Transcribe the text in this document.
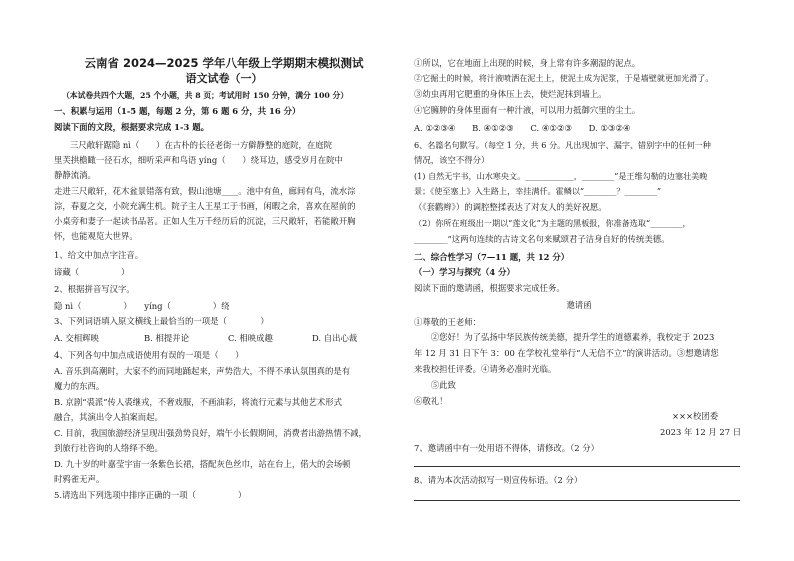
云南省 2024—2025 学年八年级上学期期末模拟测试
语文试卷（一）
（本试卷共四个大题，25 个小题，共 8 页；考试用时 150 分钟，满分 100 分）
一、积累与运用（1-5 题，每题 2 分，第 6 题 6 分，共 16 分）
阅读下面的文段，根据要求完成 1-3 题。
三尺敞轩踞隐 nì（　　）在古朴的长径老街一方僻静整的庭院，在庭院
里芙拱檐瞰一径石水，细听采声和鸟语 yíng（　　）绕耳边，感受岁月在院中
静静流淌。
走进三尺敞轩，花木盆景错落有致，假山池塘____。池中有鱼，廊间有鸟，流水淙
淙，春夏之交，小院充满生机。院子主人王星工于书画，闲暇之余，喜欢在屋前的
小桌旁和妻子一起读书品茗。正如人生万千经历后的沉淀，三尺敞轩，若能敞开胸
怀，也能观览大世界。
1、给文中加点字注音。
谛藏（　　　　　）
2、根据拼音写汉字。
隐 nì（　　　　　）　　yíng（　　　　　）绕
3、下列词语填入原文横线上最恰当的一项是（　　　　）
A. 交相辉映	B. 相提并论	C. 相映成趣	D. 自出心裁
4、下列各句中加点成语使用有误的一项是（　　）
A. 音乐到高潮时，大家不约而同地踊起来，声势浩大，不得不承认氛围真的是有
魔力的东西。
B. 京剧“裘派”传人裘继戎，不奢戏服，不画油彩，将流行元素与其他艺术形式
融合，其演出令人拍案而起。
C. 目前，我国旅游经济呈现出强劲势良好，端午小长假期间，消费者出游热情不减，
到旅行社咨询的人络绎不绝。
D. 九十岁的叶嘉莹宇宙一条紫色长裙，搭配灰色丝巾，站在台上，偌大的会场顿
时鸦雀无声。
5.请选出下列选项中排序正确的一项（　　　　　）
①所以，它在地面上出现的时候，身上常有许多潮湿的泥点。
②它掘土的时候，将汁液喷洒在泥土上，使泥土成为泥浆，于是墙壁就更加光滑了。
③幼虫再用它肥重的身体压上去，使烂泥抹到墙上。
④它臃肿的身体里面有一种汁液，可以用力抵御穴里的尘土。
A. ①②③④　　B. ④①②③　　C. ④①②③　　D. ①③②④
6、名篇名句默写。（每空 1 分，共 6 分。凡出现加字、漏字、错别字中的任何一种
情况，该空不得分）
(1) 自然无宇书，山水寒央文。____________，________”是王维勾勒的边塞壮美晚
景；《使至塞上》入生路上，幸挂满仟。霍鳞以“________？________”
（《套鹳辫》）的调腔整揉表达了对友人的美好祝愿。
（2）你所在班级出一期以“莲文化”为主题的黑板报，你准备选取“________，
________”这两句连续的古诗文名句来赋颂君子洁身自好的传统美德。
二、综合性学习（7—11 题，共 12 分）
（一）学习与探究（4 分）
阅读下面的邀请函，根据要求完成任务。
邀请函
①尊敬的王老师：
　　②您好！为了弘扬中华民族传统美德，提升学生的道德素养，我校定于 2023
年 12 月 31 日下午 3：00 在学校礼堂举行“人无信不立”的演讲活动。③想邀请您
来我校担任评委。④请务必准时光临。
　　⑤此致
⑥敬礼！
×××校团委
2023 年 12 月 27 日
7、邀请函中有一处用语不得体，请修改。（2 分）
8、请为本次活动拟写一则宣传标语。（2 分）
